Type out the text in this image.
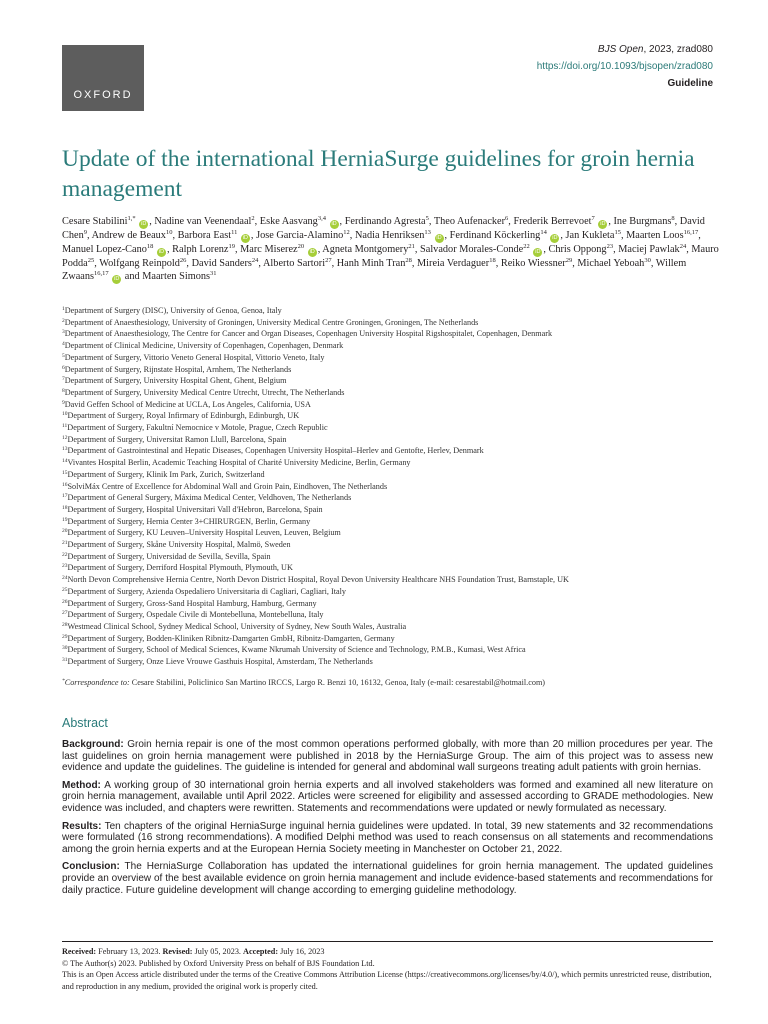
OXFORD
BJS Open, 2023, zrad080
https://doi.org/10.1093/bjsopen/zrad080
Guideline
Update of the international HerniaSurge guidelines for groin hernia management
Cesare Stabilini$^{1,*}$ iD , Nadine van Veenendaal$^2$, Eske Aasvang$^{3,4}$ iD , Ferdinando Agresta$^5$, Theo Aufenacker$^6$, Frederik Berrevoet$^7$ iD , Ine Burgmans$^8$, David Chen$^9$, Andrew de Beaux$^{10}$, Barbora East$^{11}$ iD , Jose Garcia-Alamino$^{12}$, Nadia Henriksen$^{13}$ iD , Ferdinand Köckerling$^{14}$ iD , Jan Kukleta$^{15}$, Maarten Loos$^{16,17}$, Manuel Lopez-Cano$^{18}$ iD , Ralph Lorenz$^{19}$, Marc Miserez$^{20}$ iD , Agneta Montgomery$^{21}$, Salvador Morales-Conde$^{22}$ iD , Chris Oppong$^{23}$, Maciej Pawlak$^{24}$, Mauro Podda$^{25}$, Wolfgang Reinpold$^{26}$, David Sanders$^{24}$, Alberto Sartori$^{27}$, Hanh Minh Tran$^{28}$, Mireia Verdaguer$^{18}$, Reiko Wiessner$^{29}$, Michael Yeboah$^{30}$, Willem Zwaans$^{16,17}$ iD and Maarten Simons$^{31}$
$^1$Department of Surgery (DISC), University of Genoa, Genoa, Italy
$^2$Department of Anaesthesiology, University of Groningen, University Medical Centre Groningen, Groningen, The Netherlands
$^3$Department of Anaesthesiology, The Centre for Cancer and Organ Diseases, Copenhagen University Hospital Rigshospitalet, Copenhagen, Denmark
$^4$Department of Clinical Medicine, University of Copenhagen, Copenhagen, Denmark
$^5$Department of Surgery, Vittorio Veneto General Hospital, Vittorio Veneto, Italy
$^6$Department of Surgery, Rijnstate Hospital, Arnhem, The Netherlands
$^7$Department of Surgery, University Hospital Ghent, Ghent, Belgium
$^8$Department of Surgery, University Medical Centre Utrecht, Utrecht, The Netherlands
$^9$David Geffen School of Medicine at UCLA, Los Angeles, California, USA
$^{10}$Department of Surgery, Royal Infirmary of Edinburgh, Edinburgh, UK
$^{11}$Department of Surgery, Fakultní Nemocnice v Motole, Prague, Czech Republic
$^{12}$Department of Surgery, Universitat Ramon Llull, Barcelona, Spain
$^{13}$Department of Gastrointestinal and Hepatic Diseases, Copenhagen University Hospital–Herlev and Gentofte, Herlev, Denmark
$^{14}$Vivantes Hospital Berlin, Academic Teaching Hospital of Charité University Medicine, Berlin, Germany
$^{15}$Department of Surgery, Klinik Im Park, Zurich, Switzerland
$^{16}$SolviMáx Centre of Excellence for Abdominal Wall and Groin Pain, Eindhoven, The Netherlands
$^{17}$Department of General Surgery, Máxima Medical Center, Veldhoven, The Netherlands
$^{18}$Department of Surgery, Hospital Universitari Vall d'Hebron, Barcelona, Spain
$^{19}$Department of Surgery, Hernia Center 3+CHIRURGEN, Berlin, Germany
$^{20}$Department of Surgery, KU Leuven–University Hospital Leuven, Leuven, Belgium
$^{21}$Department of Surgery, Skåne University Hospital, Malmö, Sweden
$^{22}$Department of Surgery, Universidad de Sevilla, Sevilla, Spain
$^{23}$Department of Surgery, Derriford Hospital Plymouth, Plymouth, UK
$^{24}$North Devon Comprehensive Hernia Centre, North Devon District Hospital, Royal Devon University Healthcare NHS Foundation Trust, Barnstaple, UK
$^{25}$Department of Surgery, Azienda Ospedaliero Universitaria di Cagliari, Cagliari, Italy
$^{26}$Department of Surgery, Gross-Sand Hospital Hamburg, Hamburg, Germany
$^{27}$Department of Surgery, Ospedale Civile di Montebelluna, Montebelluna, Italy
$^{28}$Westmead Clinical School, Sydney Medical School, University of Sydney, New South Wales, Australia
$^{29}$Department of Surgery, Bodden-Kliniken Ribnitz-Damgarten GmbH, Ribnitz-Damgarten, Germany
$^{30}$Department of Surgery, School of Medical Sciences, Kwame Nkrumah University of Science and Technology, P.M.B., Kumasi, West Africa
$^{31}$Department of Surgery, Onze Lieve Vrouwe Gasthuis Hospital, Amsterdam, The Netherlands
*Correspondence to: Cesare Stabilini, Policlinico San Martino IRCCS, Largo R. Benzi 10, 16132, Genoa, Italy (e-mail: cesarestabil@hotmail.com)
Abstract

Background: Groin hernia repair is one of the most common operations performed globally, with more than 20 million procedures per year. The last guidelines on groin hernia management were published in 2018 by the HerniaSurge Group. The aim of this project was to assess new evidence and update the guidelines. The guideline is intended for general and abdominal wall surgeons treating adult patients with groin hernias.

Method: A working group of 30 international groin hernia experts and all involved stakeholders was formed and examined all new literature on groin hernia management, available until April 2022. Articles were screened for eligibility and assessed according to GRADE methodologies. New evidence was included, and chapters were rewritten. Statements and recommendations were updated or newly formulated as necessary.

Results: Ten chapters of the original HerniaSurge inguinal hernia guidelines were updated. In total, 39 new statements and 32 recommendations were formulated (16 strong recommendations). A modified Delphi method was used to reach consensus on all statements and recommendations among the groin hernia experts and at the European Hernia Society meeting in Manchester on October 21, 2022.

Conclusion: The HerniaSurge Collaboration has updated the international guidelines for groin hernia management. The updated guidelines provide an overview of the best available evidence on groin hernia management and include evidence-based statements and recommendations for daily practice. Future guideline development will change according to emerging guideline methodology.

Received: February 13, 2023. Revised: July 05, 2023. Accepted: July 16, 2023
© The Author(s) 2023. Published by Oxford University Press on behalf of BJS Foundation Ltd.
This is an Open Access article distributed under the terms of the Creative Commons Attribution License (https://creativecommons.org/licenses/by/4.0/), which permits unrestricted reuse, distribution, and reproduction in any medium, provided the original work is properly cited.
